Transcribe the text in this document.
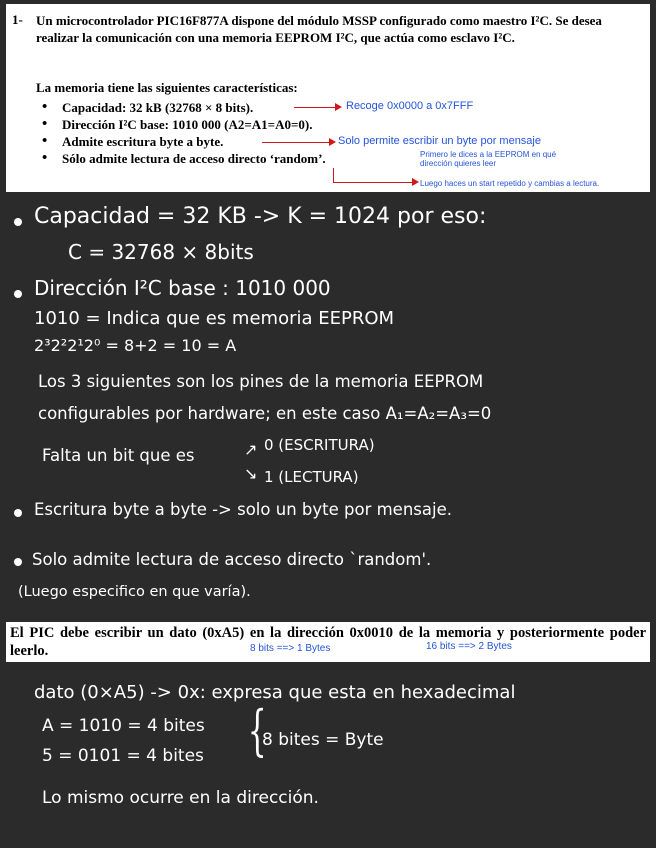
1- Un microcontrolador PIC16F877A dispone del módulo MSSP configurado como maestro I²C. Se desea realizar la comunicación con una memoria EEPROM I²C, que actúa como esclavo I²C.
La memoria tiene las siguientes características:
• Capacidad: 32 kB (32768 × 8 bits).
• Dirección I²C base: 1010 000 (A2=A1=A0=0).
• Admite escritura byte a byte.
• Sólo admite lectura de acceso directo ‘random’.
Recoge 0x0000 a 0x7FFF
Solo permite escribir un byte por mensaje
Primero le dices a la EEPROM en qué
dirección quieres leer
Luego haces un start repetido y cambias a lectura.
Capacidad = 32 KB -> K = 1024 por eso:
C = 32768 × 8bits
Dirección I²C base : 1010 000
1010 = Indica que es memoria EEPROM
2³2²2¹2⁰ = 8+2 = 10 = A
Los 3 siguientes son los pines de la memoria EEPROM
configurables por hardware; en este caso A₁=A₂=A₃=0
Falta un bit que es	↗ 0 (ESCRITURA)
↘ 1 (LECTURA)
Escritura byte a byte -> solo un byte por mensaje.
Solo admite lectura de acceso directo `random'.
(Luego especifico en que varía).
El PIC debe escribir un dato (0xA5) en la dirección 0x0010 de la memoria y posteriormente poder leerlo.	8 bits ==> 1 Bytes	16 bits ==> 2 Bytes
dato (0×A5) -> 0x: expresa que esta en hexadecimal
A = 1010 = 4 bites
5 = 0101 = 4 bites {
8 bites = Byte
Lo mismo ocurre en la dirección.
